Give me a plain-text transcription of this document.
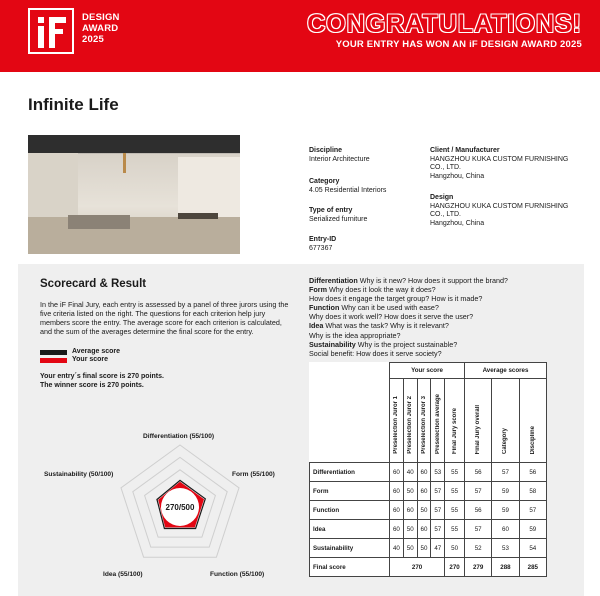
DESIGN
AWARD
2025
CONGRATULATIONS!
YOUR ENTRY HAS WON AN iF DESIGN AWARD 2025
Infinite Life
Discipline
Interior Architecture
Category
4.05 Residential Interiors
Type of entry
Serialized furniture
Entry-ID
677367
Client / Manufacturer
HANGZHOU KUKA CUSTOM FURNISHING
CO., LTD.
Hangzhou, China
Design
HANGZHOU KUKA CUSTOM FURNISHING
CO., LTD.
Hangzhou, China
Scorecard & Result
In the iF Final Jury, each entry is assessed by a panel of three jurors using the five criteria listed on the right. The questions for each criterion help jury members score the entry. The average score for each criterion is calculated, and the sum of the averages determine the final score for the entry.
Average score
Your score
Your entry´s final score is 270 points.
The winner score is 270 points.
Differentiation Why is it new? How does it support the brand?
Form Why does it look the way it does?
How does it engage the target group? How is it made?
Function Why can it be used with ease?
Why does it work well? How does it serve the user?
Idea What was the task? Why is it relevant?
Why is the idea appropriate?
Sustainability Why is the project sustainable?
Social benefit: How does it serve society?
270/500
Differentiation (55/100)
Form (55/100)
Function (55/100)
Idea (55/100)
Sustainability (50/100)
	Your score					Average scores		
	Preselection Juror 1	Preselection Juror 2	Preselection Juror 3	Preselection average	Final Jury score	Final Jury overall	Category	Discipline
Differentiation	60	40	60	53	55	56	57	56
Form	60	50	60	57	55	57	59	58
Function	60	60	50	57	55	56	59	57
Idea	60	50	60	57	55	57	60	59
Sustainability	40	50	50	47	50	52	53	54
Final score	270				270	279	288	285
